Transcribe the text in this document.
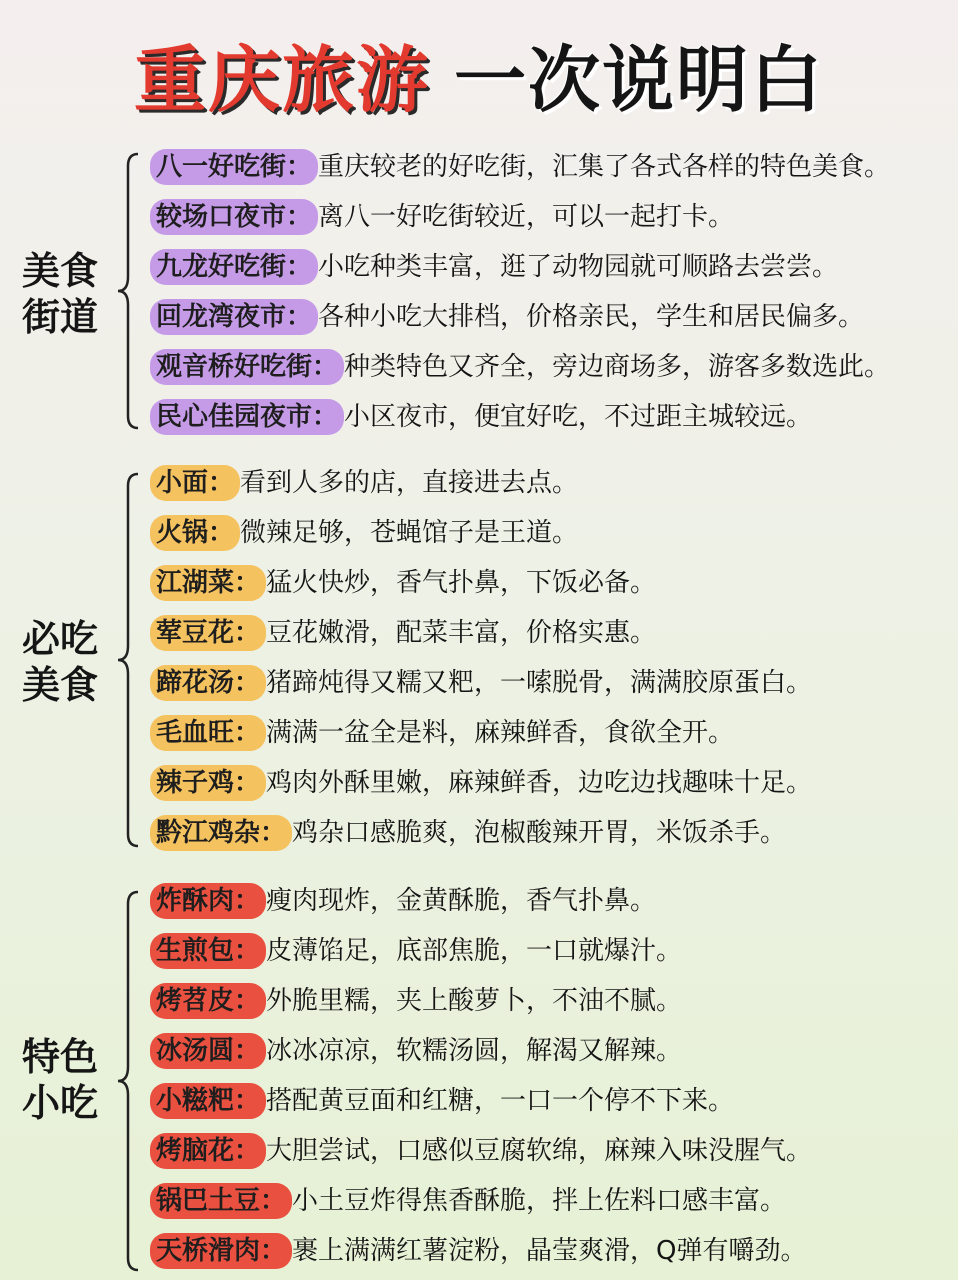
重庆旅游 一次说明白
美食
街道
八一好吃街： 重庆较老的好吃街，汇集了各式各样的特色美食。
较场口夜市： 离八一好吃街较近，可以一起打卡。
九龙好吃街： 小吃种类丰富，逛了动物园就可顺路去尝尝。
回龙湾夜市： 各种小吃大排档，价格亲民，学生和居民偏多。
观音桥好吃街： 种类特色又齐全，旁边商场多，游客多数选此。
民心佳园夜市： 小区夜市，便宜好吃，不过距主城较远。
必吃
美食
小面： 看到人多的店，直接进去点。
火锅： 微辣足够，苍蝇馆子是王道。
江湖菜： 猛火快炒，香气扑鼻，下饭必备。
荤豆花： 豆花嫩滑，配菜丰富，价格实惠。
蹄花汤： 猪蹄炖得又糯又粑，一嗦脱骨，满满胶原蛋白。
毛血旺： 满满一盆全是料，麻辣鲜香，食欲全开。
辣子鸡： 鸡肉外酥里嫩，麻辣鲜香，边吃边找趣味十足。
黔江鸡杂： 鸡杂口感脆爽，泡椒酸辣开胃，米饭杀手。
特色
小吃
炸酥肉： 瘦肉现炸，金黄酥脆，香气扑鼻。
生煎包： 皮薄馅足，底部焦脆，一口就爆汁。
烤苕皮： 外脆里糯，夹上酸萝卜，不油不腻。
冰汤圆： 冰冰凉凉，软糯汤圆，解渴又解辣。
小糍粑： 搭配黄豆面和红糖，一口一个停不下来。
烤脑花： 大胆尝试，口感似豆腐软绵，麻辣入味没腥气。
锅巴土豆： 小土豆炸得焦香酥脆，拌上佐料口感丰富。
天桥滑肉： 裹上满满红薯淀粉，晶莹爽滑，Q弹有嚼劲。
